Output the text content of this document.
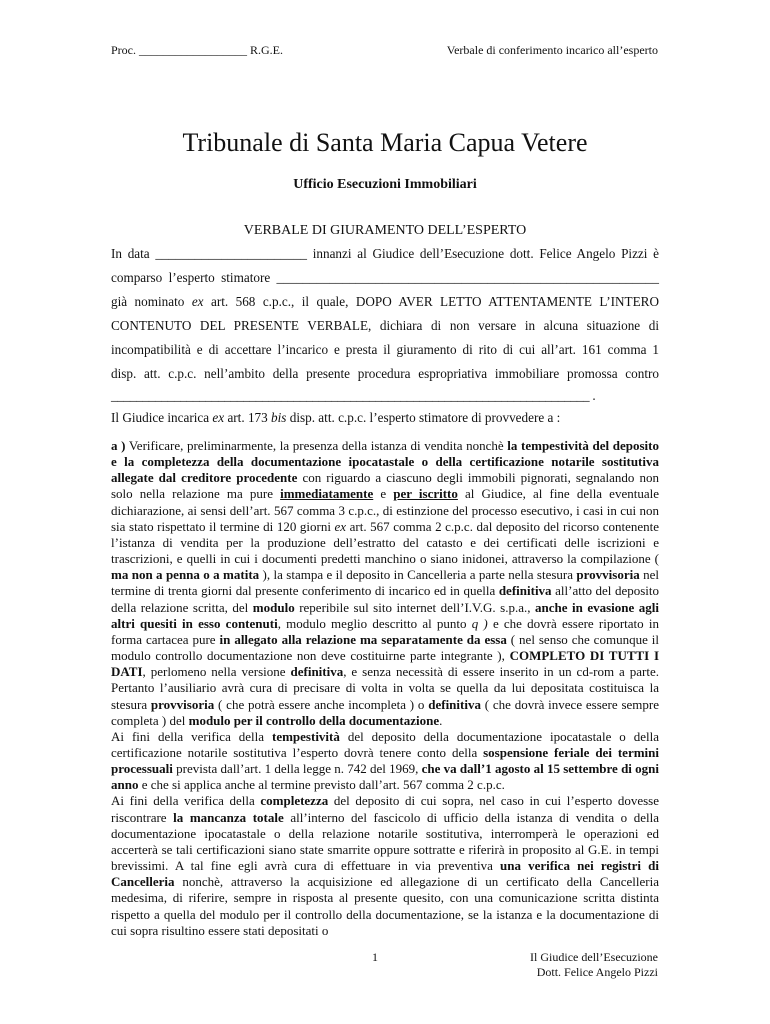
Proc. __________________ R.G.E.	Verbale di conferimento incarico all’esperto
Tribunale di Santa Maria Capua Vetere
Ufficio Esecuzioni Immobiliari
VERBALE DI GIURAMENTO DELL’ESPERTO
In data _______________________ innanzi al Giudice dell’Esecuzione dott. Felice Angelo Pizzi è
comparso l’esperto stimatore __________________________________________________________
già nominato ex art. 568 c.p.c., il quale, DOPO AVER LETTO ATTENTAMENTE L’INTERO
CONTENUTO DEL PRESENTE VERBALE, dichiara di non versare in alcuna situazione di
incompatibilità e di accettare l’incarico e presta il giuramento di rito di cui all’art. 161 comma 1
disp. att. c.p.c. nell’ambito della presente procedura espropriativa immobiliare promossa contro
____________________________________________________________________________ .
Il Giudice incarica ex art. 173 bis disp. att. c.p.c. l’esperto stimatore di provvedere a :

a ) Verificare, preliminarmente, la presenza della istanza di vendita nonchè la tempestività del deposito e la completezza della documentazione ipocatastale o della certificazione notarile sostitutiva allegate dal creditore procedente con riguardo a ciascuno degli immobili pignorati, segnalando non solo nella relazione ma pure immediatamente e per iscritto al Giudice, al fine della eventuale dichiarazione, ai sensi dell’art. 567 comma 3 c.p.c., di estinzione del processo esecutivo, i casi in cui non sia stato rispettato il termine di 120 giorni ex art. 567 comma 2 c.p.c. dal deposito del ricorso contenente l’istanza di vendita per la produzione dell’estratto del catasto e dei certificati delle iscrizioni e trascrizioni, e quelli in cui i documenti predetti manchino o siano inidonei, attraverso la compilazione ( ma non a penna o a matita ), la stampa e il deposito in Cancelleria a parte nella stesura provvisoria nel termine di trenta giorni dal presente conferimento di incarico ed in quella definitiva all’atto del deposito della relazione scritta, del modulo reperibile sul sito internet dell’I.V.G. s.p.a., anche in evasione agli altri quesiti in esso contenuti, modulo meglio descritto al punto q ) e che dovrà essere riportato in forma cartacea pure in allegato alla relazione ma separatamente da essa ( nel senso che comunque il modulo controllo documentazione non deve costituirne parte integrante ), COMPLETO DI TUTTI I DATI, perlomeno nella versione definitiva, e senza necessità di essere inserito in un cd-rom a parte. Pertanto l’ausiliario avrà cura di precisare di volta in volta se quella da lui depositata costituisca la stesura provvisoria ( che potrà essere anche incompleta ) o definitiva ( che dovrà invece essere sempre completa ) del modulo per il controllo della documentazione.

Ai fini della verifica della tempestività del deposito della documentazione ipocatastale o della certificazione notarile sostitutiva l’esperto dovrà tenere conto della sospensione feriale dei termini processuali prevista dall’art. 1 della legge n. 742 del 1969, che va dall’1 agosto al 15 settembre di ogni anno e che si applica anche al termine previsto dall’art. 567 comma 2 c.p.c.

Ai fini della verifica della completezza del deposito di cui sopra, nel caso in cui l’esperto dovesse riscontrare la mancanza totale all’interno del fascicolo di ufficio della istanza di vendita o della documentazione ipocatastale o della relazione notarile sostitutiva, interromperà le operazioni ed accerterà se tali certificazioni siano state smarrite oppure sottratte e riferirà in proposito al G.E. in tempi brevissimi. A tal fine egli avrà cura di effettuare in via preventiva una verifica nei registri di Cancelleria nonchè, attraverso la acquisizione ed allegazione di un certificato della Cancelleria medesima, di riferire, sempre in risposta al presente quesito, con una comunicazione scritta distinta rispetto a quella del modulo per il controllo della documentazione, se la istanza e la documentazione di cui sopra risultino essere stati depositati o

1	Il Giudice dell’Esecuzione
Dott. Felice Angelo Pizzi
